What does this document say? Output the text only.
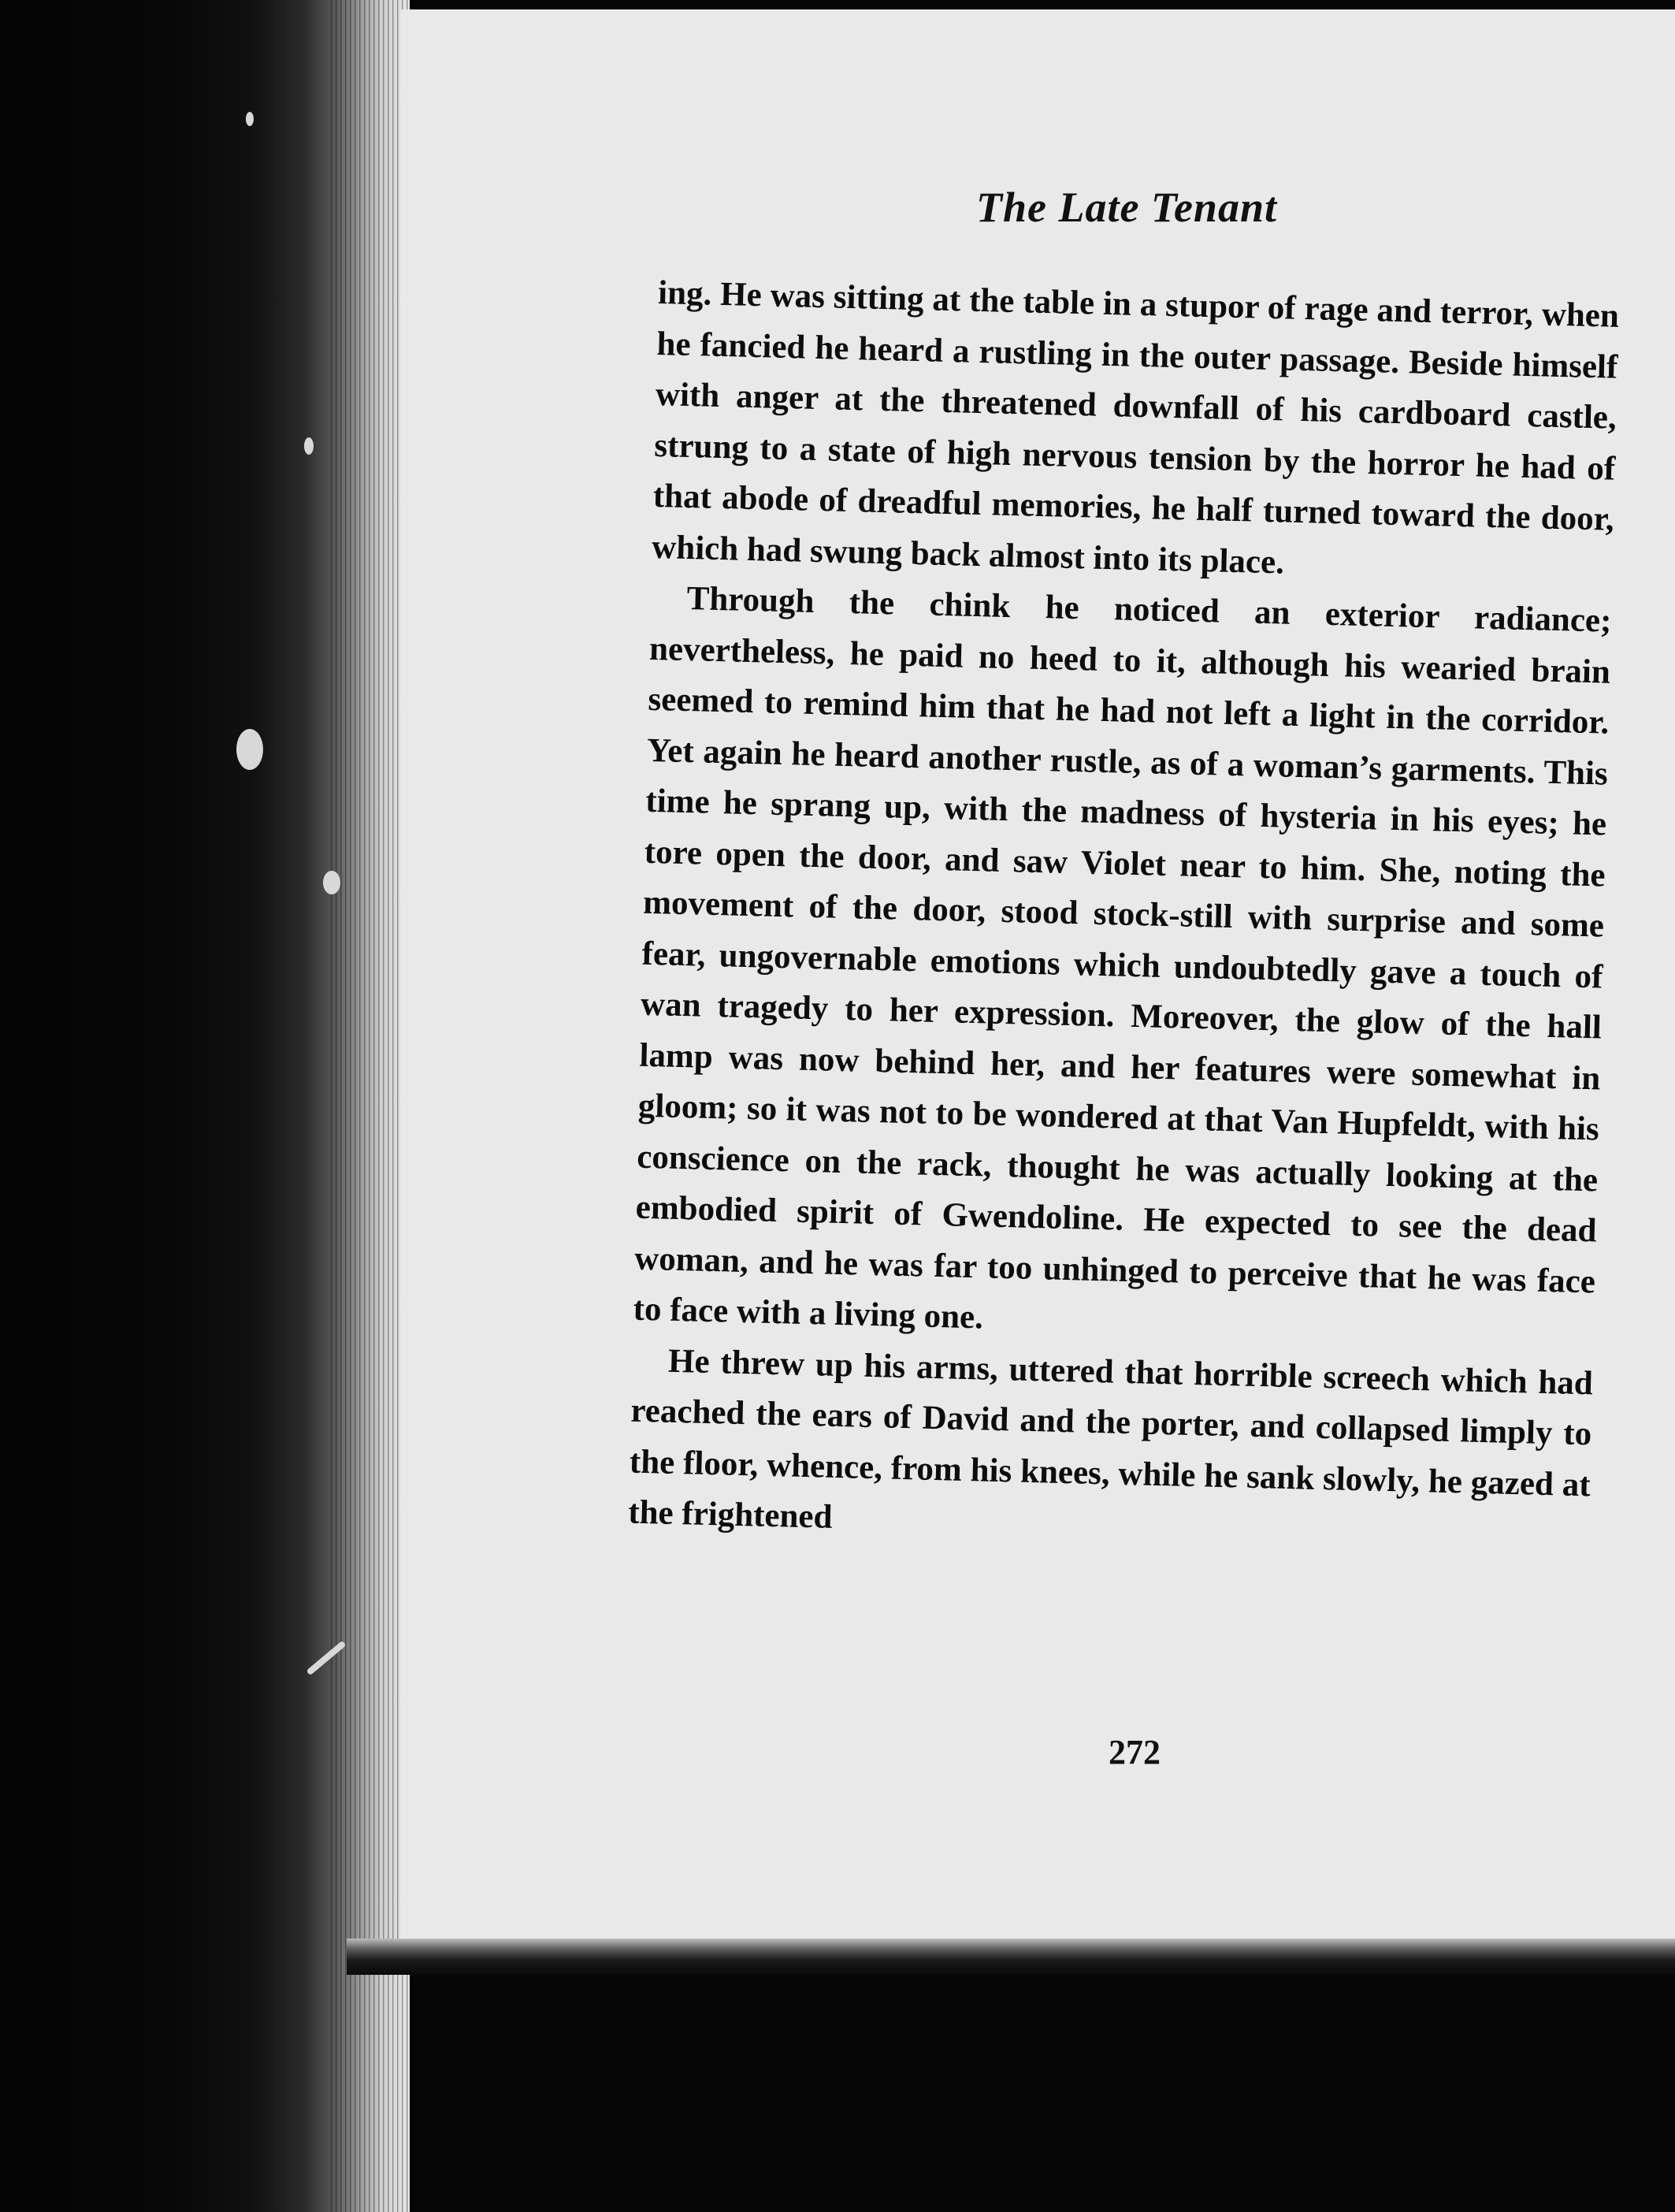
The Late Tenant

ing. He was sitting at the table in a stupor of rage and terror, when he fancied he heard a rustling in the outer passage. Beside himself with anger at the threatened downfall of his cardboard castle, strung to a state of high nervous tension by the horror he had of that abode of dreadful memories, he half turned toward the door, which had swung back almost into its place.

Through the chink he noticed an exterior radiance; nevertheless, he paid no heed to it, although his wearied brain seemed to remind him that he had not left a light in the corridor. Yet again he heard another rustle, as of a woman’s garments. This time he sprang up, with the madness of hysteria in his eyes; he tore open the door, and saw Violet near to him. She, noting the movement of the door, stood stock-still with surprise and some fear, ungovernable emotions which undoubtedly gave a touch of wan tragedy to her expression. Moreover, the glow of the hall lamp was now behind her, and her features were somewhat in gloom; so it was not to be wondered at that Van Hupfeldt, with his conscience on the rack, thought he was actually looking at the embodied spirit of Gwendoline. He expected to see the dead woman, and he was far too unhinged to perceive that he was face to face with a living one.

He threw up his arms, uttered that horrible screech which had reached the ears of David and the porter, and collapsed limply to the floor, whence, from his knees, while he sank slowly, he gazed at the frightened

272
